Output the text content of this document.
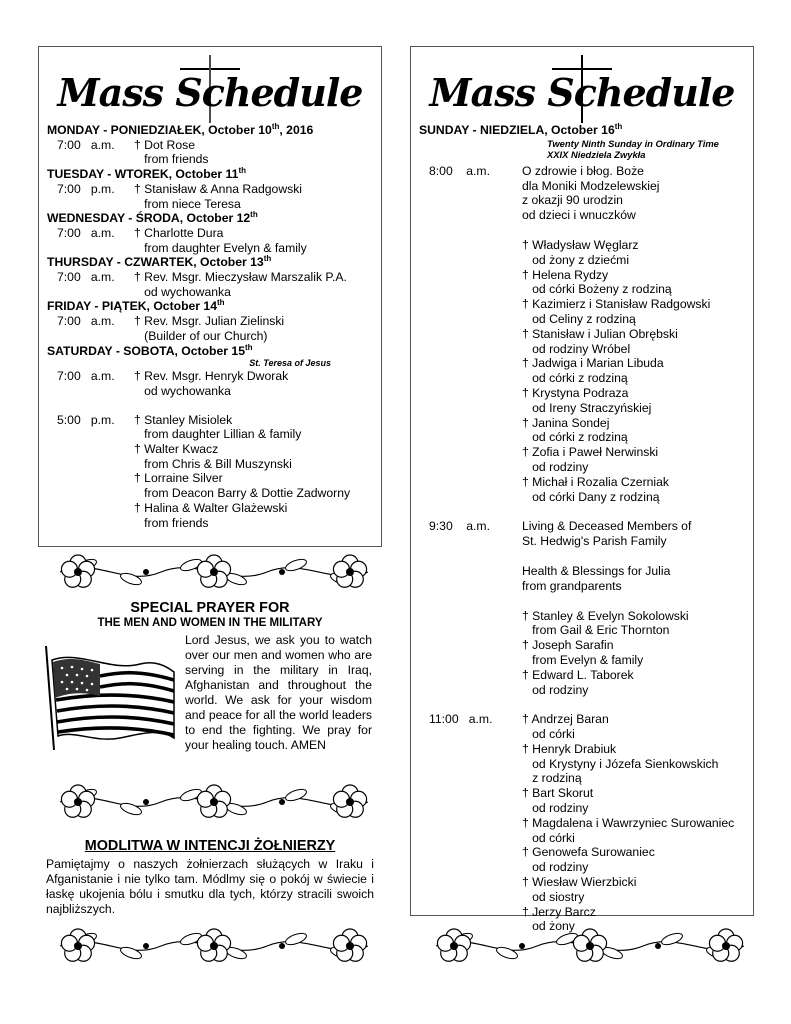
Mass Schedule
MONDAY - PONIEDZIAŁEK, October 10th, 2016
7:00   a.m.	† Dot Rose
from friends
TUESDAY - WTOREK, October 11th
7:00   p.m.	† Stanisław & Anna Radgowski
from niece Teresa
WEDNESDAY - ŚRODA, October 12th
7:00   a.m.	† Charlotte Dura
from daughter Evelyn & family
THURSDAY - CZWARTEK, October 13th
7:00   a.m.	† Rev. Msgr. Mieczysław Marszalik P.A.
od wychowanka
FRIDAY - PIĄTEK, October 14th
7:00   a.m.	† Rev. Msgr. Julian Zielinski
(Builder of our Church)
SATURDAY - SOBOTA, October 15th
St. Teresa of Jesus
7:00   a.m.	† Rev. Msgr. Henryk Dworak
od wychowanka
5:00   p.m.	† Stanley Misiolek
from daughter Lillian & family
† Walter Kwacz
from Chris & Bill Muszynski
† Lorraine Silver
from Deacon Barry & Dottie Zadworny
† Halina & Walter Glażewski
from friends
Mass Schedule
SUNDAY - NIEDZIELA, October 16th
Twenty Ninth Sunday in Ordinary Time
XXIX Niedziela Zwykła
8:00    a.m.	O zdrowie i błog. Boże
dla Moniki Modzelewskiej
z okazji 90 urodzin
od dzieci i wnuczków
† Władysław Węglarz
od żony z dziećmi
† Helena Rydzy
od córki Bożeny z rodziną
† Kazimierz i Stanisław Radgowski
od Celiny z rodziną
† Stanisław i Julian Obrębski
od rodziny Wróbel
† Jadwiga i Marian Libuda
od córki z rodziną
† Krystyna Podraza
od Ireny Straczyńskiej
† Janina Sondej
od córki z rodziną
† Zofia i Paweł Nerwinski
od rodziny
† Michał i Rozalia Czerniak
od córki Dany z rodziną
9:30    a.m.	Living & Deceased Members of
St. Hedwig's Parish Family
Health & Blessings for Julia
from grandparents
† Stanley & Evelyn Sokolowski
from Gail & Eric Thornton
† Joseph Sarafin
from Evelyn & family
† Edward L. Taborek
od rodziny
11:00   a.m.	† Andrzej Baran
od córki
† Henryk Drabiuk
od Krystyny i Józefa Sienkowskich
z rodziną
† Bart Skorut
od rodziny
† Magdalena i Wawrzyniec Surowaniec
od córki
† Genowefa Surowaniec
od rodziny
† Wiesław Wierzbicki
od siostry
† Jerzy Barcz
od żony
SPECIAL PRAYER FOR
THE MEN AND WOMEN IN THE MILITARY
Lord Jesus, we ask you to watch over our men and women who are serving in the military in Iraq, Afghanistan and throughout the world. We ask for your wisdom and peace for all the world leaders to end the fighting. We pray for your healing touch. AMEN
MODLITWA W INTENCJI ŻOŁNIERZY
Pamiętajmy o naszych żołnierzach służących w Iraku i Afganistanie i nie tylko tam. Módlmy się o pokój w świecie i łaskę ukojenia bólu i smutku dla tych, którzy stracili swoich najbliższych.
